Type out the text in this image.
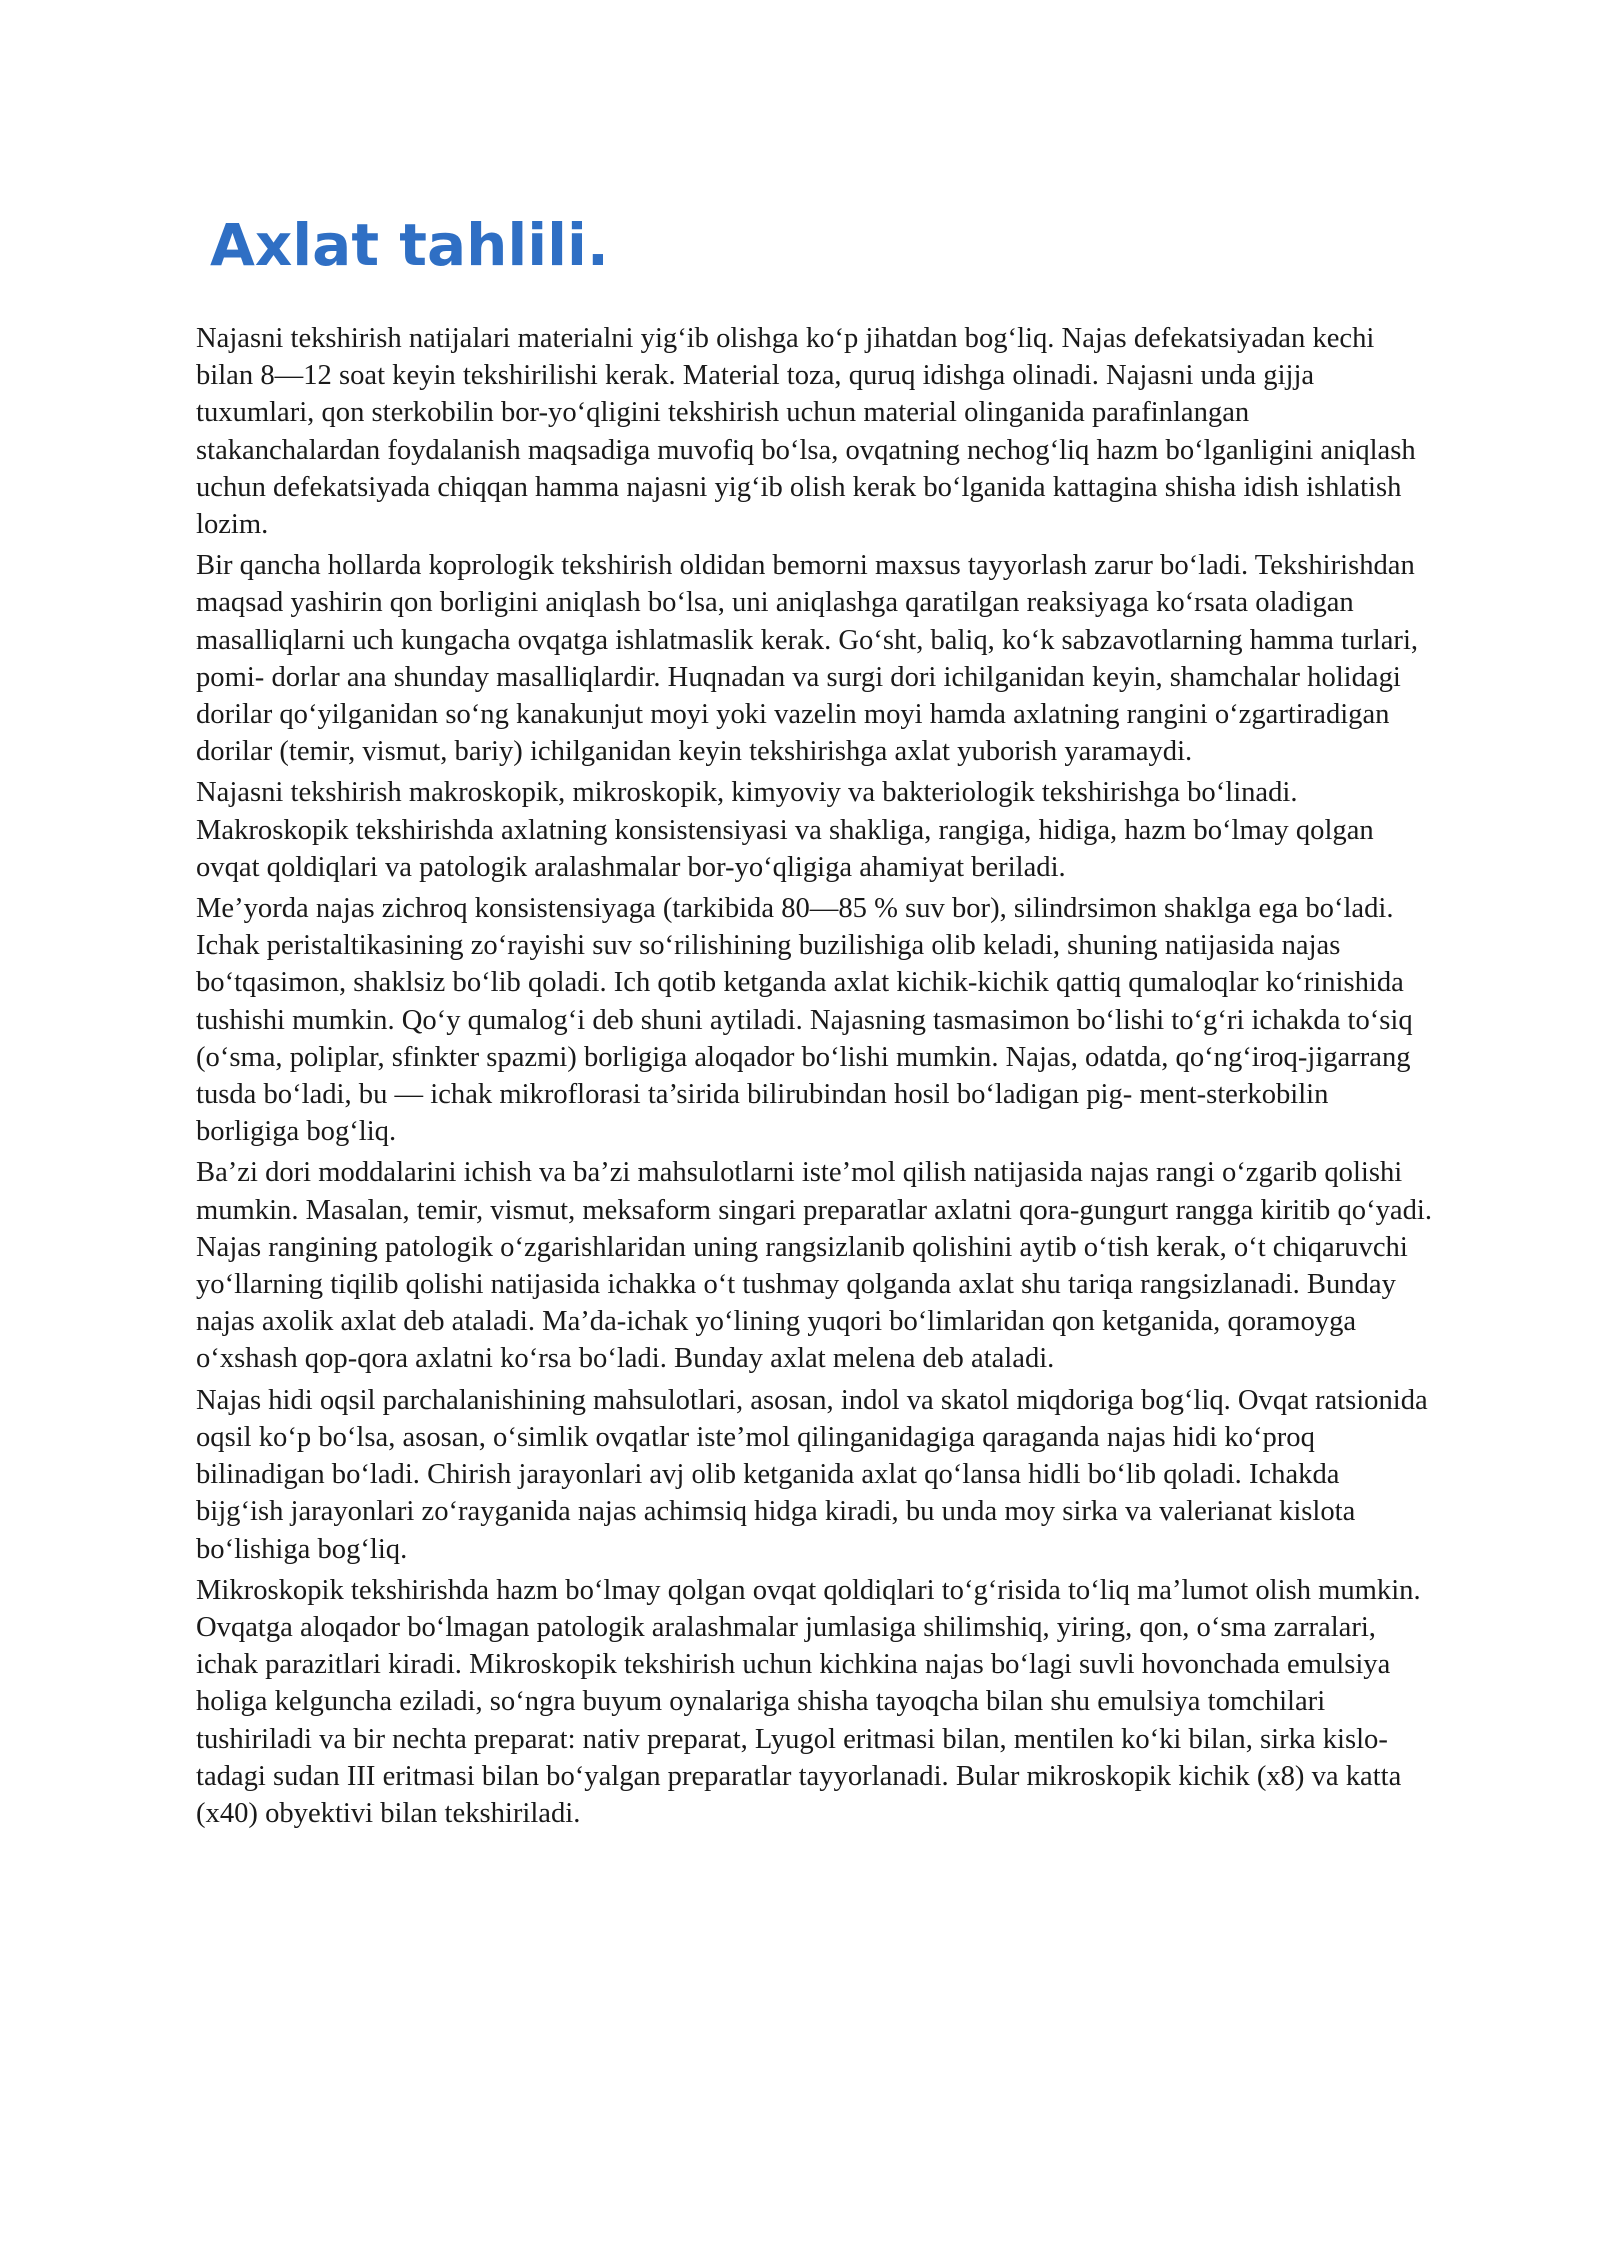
Axlat tahlili.

Najasni tekshirish natijalari materialni yig‘ib olishga ko‘p jihatdan bog‘liq. Najas defekatsiyadan kechi bilan 8—12 soat keyin tekshirilishi kerak. Material toza, quruq idishga olinadi. Najasni unda gijja tuxumlari, qon sterkobilin bor-yo‘qligini tekshirish uchun material olinganida parafinlangan stakanchalardan foydalanish maqsadiga muvofiq bo‘lsa, ovqatning nechog‘liq hazm bo‘lganligini aniqlash uchun defekatsiyada chiqqan hamma najasni yig‘ib olish kerak bo‘lganida kattagina shisha idish ishlatish lozim.

Bir qancha hollarda koprologik tekshirish oldidan bemorni maxsus tayyorlash zarur bo‘ladi. Tekshirishdan maqsad yashirin qon borligini aniqlash bo‘lsa, uni aniqlashga qaratilgan reaksiyaga ko‘rsata oladigan masalliqlarni uch kungacha ovqatga ishlatmaslik kerak. Go‘sht, baliq, ko‘k sabzavotlarning hamma turlari, pomi- dorlar ana shunday masalliqlardir. Huqnadan va surgi dori ichilganidan keyin, shamchalar holidagi dorilar qo‘yilganidan so‘ng kanakunjut moyi yoki vazelin moyi hamda axlatning rangini o‘zgartiradigan dorilar (temir, vismut, bariy) ichilganidan keyin tekshirishga axlat yuborish yaramaydi.

Najasni tekshirish makroskopik, mikroskopik, kimyoviy va bakteriologik tekshirishga bo‘linadi. Makroskopik tekshirishda axlatning konsistensiyasi va shakliga, rangiga, hidiga, hazm bo‘lmay qolgan ovqat qoldiqlari va patologik aralashmalar bor-yo‘qligiga ahamiyat beriladi.

Me’yorda najas zichroq konsistensiyaga (tarkibida 80—85 % suv bor), silindrsimon shaklga ega bo‘ladi. Ichak peristaltikasining zo‘rayishi suv so‘rilishining buzilishiga olib keladi, shuning natijasida najas bo‘tqasimon, shaklsiz bo‘lib qoladi. Ich qotib ketganda axlat kichik-kichik qattiq qumaloqlar ko‘rinishida tushishi mumkin. Qo‘y qumalog‘i deb shuni aytiladi. Najasning tasmasimon bo‘lishi to‘g‘ri ichakda to‘siq (o‘sma, poliplar, sfinkter spazmi) borligiga aloqador bo‘lishi mumkin. Najas, odatda, qo‘ng‘iroq-jigarrang tusda bo‘ladi, bu — ichak mikroflorasi ta’sirida bilirubindan hosil bo‘ladigan pig- ment-sterkobilin borligiga bog‘liq.

Ba’zi dori moddalarini ichish va ba’zi mahsulotlarni iste’mol qilish natijasida najas rangi o‘zgarib qolishi mumkin. Masalan, temir, vismut, meksaform singari preparatlar axlatni qora-gungurt rangga kiritib qo‘yadi. Najas rangining patologik o‘zgarishlaridan uning rangsizlanib qolishini aytib o‘tish kerak, o‘t chiqaruvchi yo‘llarning tiqilib qolishi natijasida ichakka o‘t tushmay qolganda axlat shu tariqa rangsizlanadi. Bunday najas axolik axlat deb ataladi. Ma’da-ichak yo‘lining yuqori bo‘limlaridan qon ketganida, qoramoyga o‘xshash qop-qora axlatni ko‘rsa bo‘ladi. Bunday axlat melena deb ataladi.

Najas hidi oqsil parchalanishining mahsulotlari, asosan, indol va skatol miqdoriga bog‘liq. Ovqat ratsionida oqsil ko‘p bo‘lsa, asosan, o‘simlik ovqatlar iste’mol qilinganidagiga qaraganda najas hidi ko‘proq bilinadigan bo‘ladi. Chirish jarayonlari avj olib ketganida axlat qo‘lansa hidli bo‘lib qoladi. Ichakda bijg‘ish jarayonlari zo‘rayganida najas achimsiq hidga kiradi, bu unda moy sirka va valerianat kislota bo‘lishiga bog‘liq.

Mikroskopik tekshirishda hazm bo‘lmay qolgan ovqat qoldiqlari to‘g‘risida to‘liq ma’lumot olish mumkin. Ovqatga aloqador bo‘lmagan patologik aralashmalar jumlasiga shilimshiq, yiring, qon, o‘sma zarralari, ichak parazitlari kiradi. Mikroskopik tekshirish uchun kichkina najas bo‘lagi suvli hovonchada emulsiya holiga kelguncha eziladi, so‘ngra buyum oynalariga shisha tayoqcha bilan shu emulsiya tomchilari tushiriladi va bir nechta preparat: nativ preparat, Lyugol eritmasi bilan, mentilen ko‘ki bilan, sirka kislo- tadagi sudan III eritmasi bilan bo‘yalgan preparatlar tayyorlanadi. Bular mikroskopik kichik (x8) va katta (x40) obyektivi bilan tekshiriladi.
